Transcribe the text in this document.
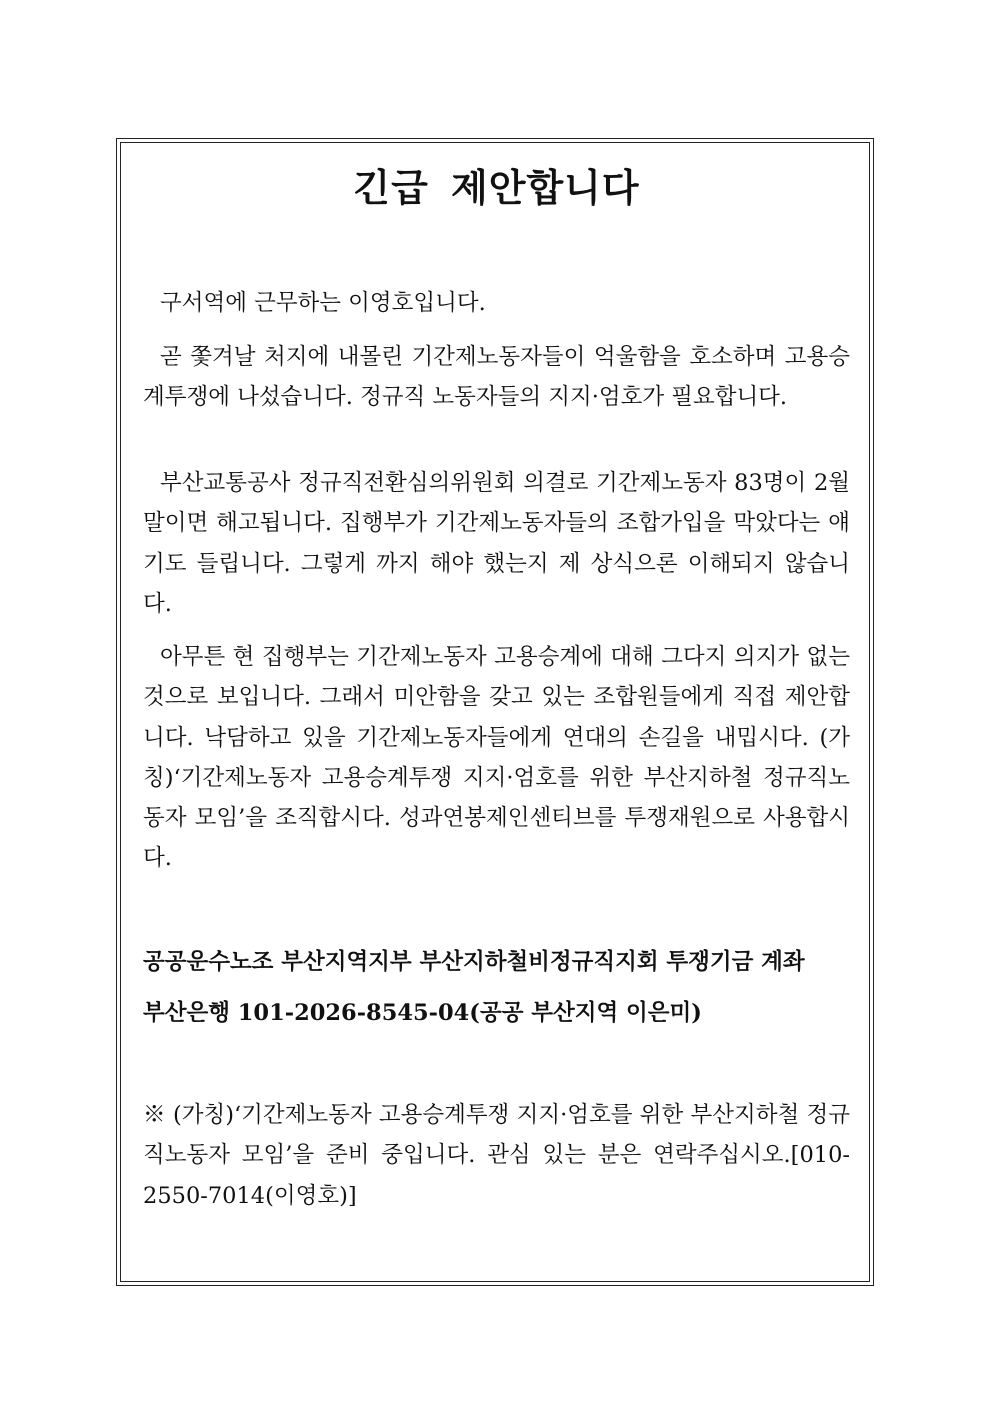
긴급 제안합니다

구서역에 근무하는 이영호입니다.

곧 쫓겨날 처지에 내몰린 기간제노동자들이 억울함을 호소하며 고용승계투쟁에 나섰습니다. 정규직 노동자들의 지지·엄호가 필요합니다.

부산교통공사 정규직전환심의위원회 의결로 기간제노동자 83명이 2월 말이면 해고됩니다. 집행부가 기간제노동자들의 조합가입을 막았다는 얘기도 들립니다. 그렇게 까지 해야 했는지 제 상식으론 이해되지 않습니다.

아무튼 현 집행부는 기간제노동자 고용승계에 대해 그다지 의지가 없는 것으로 보입니다. 그래서 미안함을 갖고 있는 조합원들에게 직접 제안합니다. 낙담하고 있을 기간제노동자들에게 연대의 손길을 내밉시다. (가칭)‘기간제노동자 고용승계투쟁 지지·엄호를 위한 부산지하철 정규직노동자 모임’을 조직합시다. 성과연봉제인센티브를 투쟁재원으로 사용합시다.

공공운수노조 부산지역지부 부산지하철비정규직지회 투쟁기금 계좌

부산은행 101-2026-8545-04(공공 부산지역 이은미)

※ (가칭)‘기간제노동자 고용승계투쟁 지지·엄호를 위한 부산지하철 정규직노동자 모임’을 준비 중입니다. 관심 있는 분은 연락주십시오.[010-2550-7014(이영호)]
